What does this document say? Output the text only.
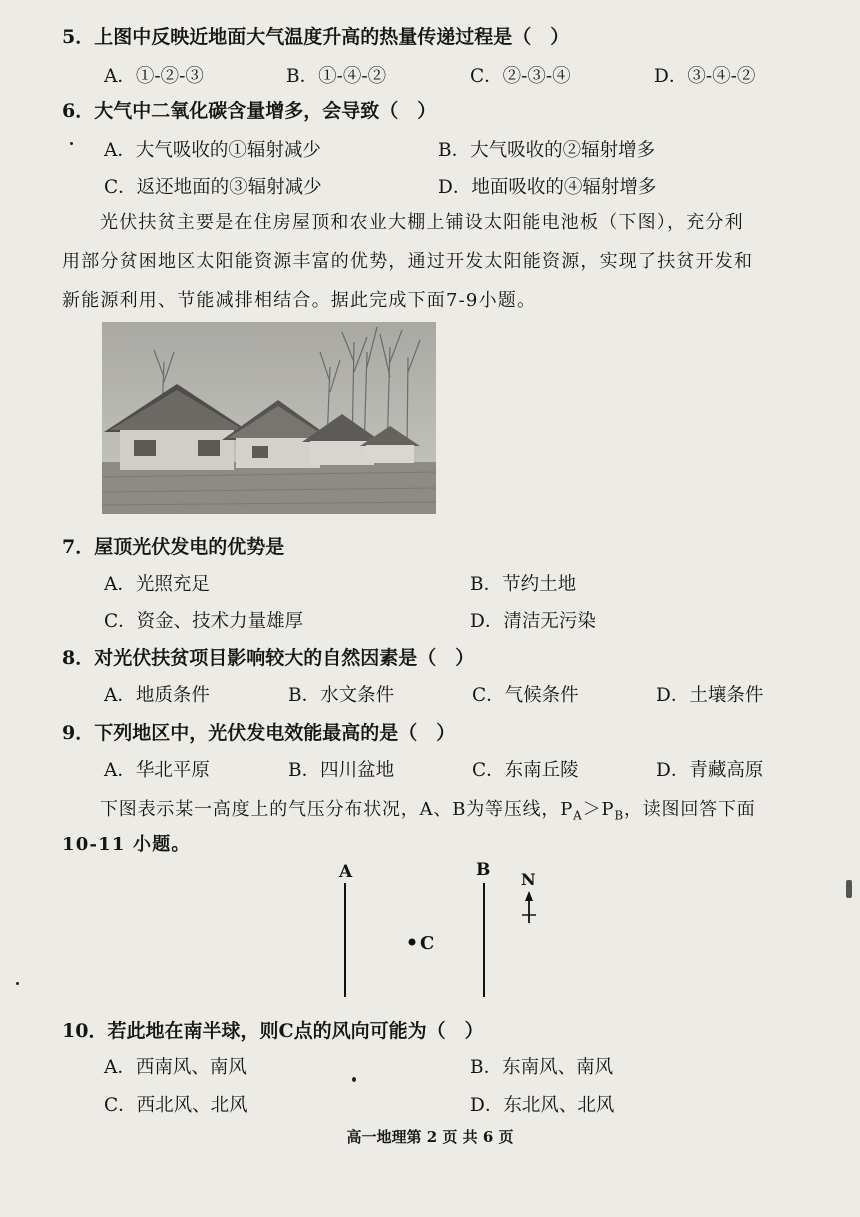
5．上图中反映近地面大气温度升高的热量传递过程是（　）
A．①-②-③	B．①-④-②	C．②-③-④	D．③-④-②
6．大气中二氧化碳含量增多，会导致（　）
A．大气吸收的①辐射减少	B．大气吸收的②辐射增多
C．返还地面的③辐射减少	D．地面吸收的④辐射增多
光伏扶贫主要是在住房屋顶和农业大棚上铺设太阳能电池板（下图），充分利
用部分贫困地区太阳能资源丰富的优势，通过开发太阳能资源，实现了扶贫开发和
新能源利用、节能减排相结合。据此完成下面7-9小题。
7．屋顶光伏发电的优势是
A．光照充足	B．节约土地
C．资金、技术力量雄厚	D．清洁无污染
8．对光伏扶贫项目影响较大的自然因素是（　）
A．地质条件	B．水文条件	C．气候条件	D．土壤条件
9．下列地区中，光伏发电效能最高的是（　）
A．华北平原	B．四川盆地	C．东南丘陵	D．青藏高原
下图表示某一高度上的气压分布状况，A、B为等压线，$P_A>P_B$，读图回答下面
10-11 小题。
A	B
C
N
10．若此地在南半球，则C点的风向可能为（　）
A．西南风、南风	B．东南风、南风
C．西北风、北风	D．东北风、北风
高一地理第 2 页 共 6 页
